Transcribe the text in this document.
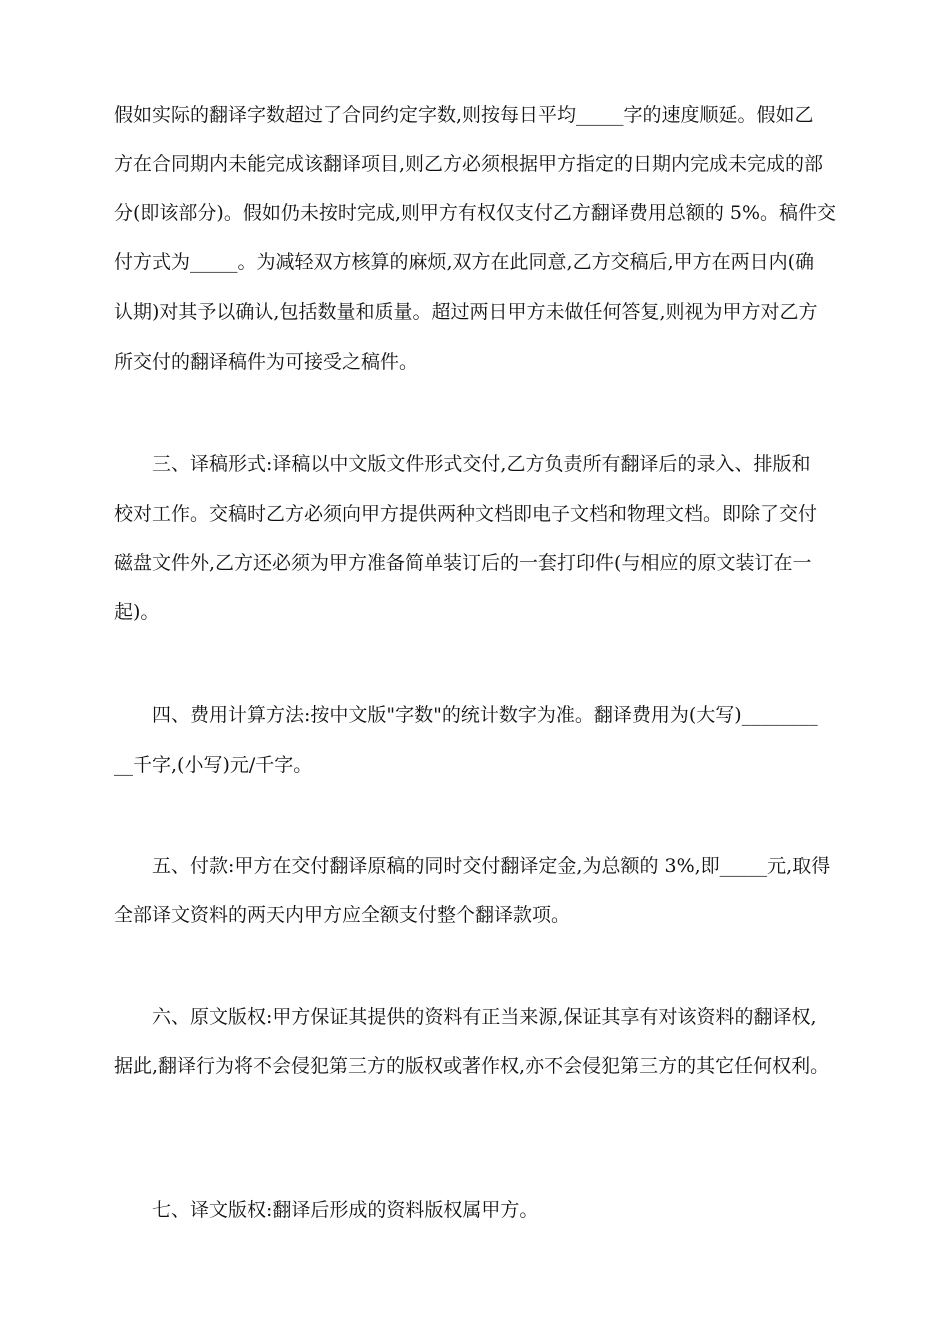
假如实际的翻译字数超过了合同约定字数,则按每日平均_____字的速度顺延。假如乙
方在合同期内未能完成该翻译项目,则乙方必须根据甲方指定的日期内完成未完成的部
分(即该部分)。假如仍未按时完成,则甲方有权仅支付乙方翻译费用总额的 5%。稿件交
付方式为_____。为减轻双方核算的麻烦,双方在此同意,乙方交稿后,甲方在两日内(确
认期)对其予以确认,包括数量和质量。超过两日甲方未做任何答复,则视为甲方对乙方
所交付的翻译稿件为可接受之稿件。
三、译稿形式:译稿以中文版文件形式交付,乙方负责所有翻译后的录入、排版和
校对工作。交稿时乙方必须向甲方提供两种文档即电子文档和物理文档。即除了交付
磁盘文件外,乙方还必须为甲方准备简单装订后的一套打印件(与相应的原文装订在一
起)。
四、费用计算方法:按中文版"字数"的统计数字为准。翻译费用为(大写)________
__千字,(小写)元/千字。
五、付款:甲方在交付翻译原稿的同时交付翻译定金,为总额的 3%,即_____元,取得
全部译文资料的两天内甲方应全额支付整个翻译款项。
六、原文版权:甲方保证其提供的资料有正当来源,保证其享有对该资料的翻译权,
据此,翻译行为将不会侵犯第三方的版权或著作权,亦不会侵犯第三方的其它任何权利。
七、译文版权:翻译后形成的资料版权属甲方。
